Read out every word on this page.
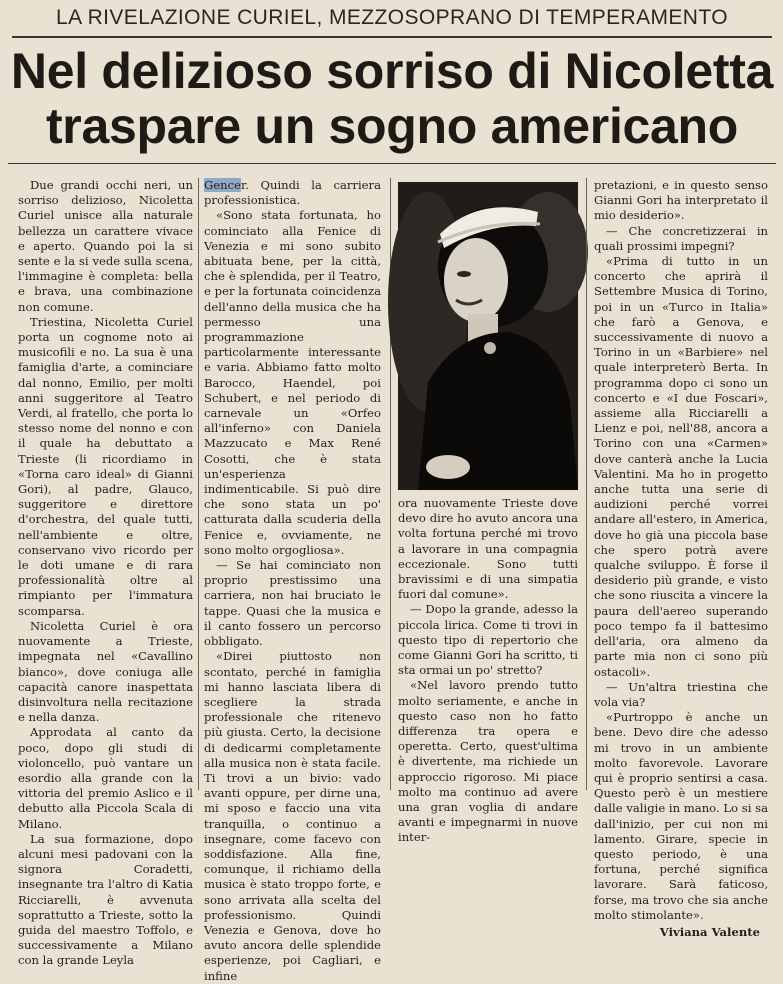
LA RIVELAZIONE CURIEL, MEZZOSOPRANO DI TEMPERAMENTO
Nel delizioso sorriso di Nicoletta
traspare un sogno americano

Due grandi occhi neri, un sorriso delizioso, Nicoletta Curiel unisce alla naturale bellezza un carattere vivace e aperto. Quando poi la si sente e la si vede sulla scena, l'immagine è completa: bella e brava, una combinazione non comune.

Triestina, Nicoletta Curiel porta un cognome noto ai musicofili e no. La sua è una famiglia d'arte, a cominciare dal nonno, Emilio, per molti anni suggeritore al Teatro Verdi, al fratello, che porta lo stesso nome del nonno e con il quale ha debuttato a Trieste (li ricordiamo in «Torna caro ideal» di Gianni Gori), al padre, Glauco, suggeritore e direttore d'orchestra, del quale tutti, nell'ambiente e oltre, conservano vivo ricordo per le doti umane e di rara professionalità oltre al rimpianto per l'immatura scomparsa.

Nicoletta Curiel è ora nuovamente a Trieste, impegnata nel «Cavallino bianco», dove coniuga alle capacità canore inaspettata disinvoltura nella recitazione e nella danza.

Approdata al canto da poco, dopo gli studi di violoncello, può vantare un esordio alla grande con la vittoria del premio Aslico e il debutto alla Piccola Scala di Milano.

La sua formazione, dopo alcuni mesi padovani con la signora Coradetti, insegnante tra l'altro di Katia Ricciarelli, è avvenuta soprattutto a Trieste, sotto la guida del maestro Toffolo, e successivamente a Milano con la grande Leyla

Gencer. Quindi la carriera professionistica.

«Sono stata fortunata, ho cominciato alla Fenice di Venezia e mi sono subito abituata bene, per la città, che è splendida, per il Teatro, e per la fortunata coincidenza dell'anno della musica che ha permesso una programmazione particolarmente interessante e varia. Abbiamo fatto molto Barocco, Haendel, poi Schubert, e nel periodo di carnevale un «Orfeo all'inferno» con Daniela Mazzucato e Max René Cosotti, che è stata un'esperienza indimenticabile. Si può dire che sono stata un po' catturata dalla scuderia della Fenice e, ovviamente, ne sono molto orgogliosa».

— Se hai cominciato non proprio prestissimo una carriera, non hai bruciato le tappe. Quasi che la musica e il canto fossero un percorso obbligato.

«Direi piuttosto non scontato, perché in famiglia mi hanno lasciata libera di scegliere la strada professionale che ritenevo più giusta. Certo, la decisione di dedicarmi completamente alla musica non è stata facile. Ti trovi a un bivio: vado avanti oppure, per dirne una, mi sposo e faccio una vita tranquilla, o continuo a insegnare, come facevo con soddisfazione. Alla fine, comunque, il richiamo della musica è stato troppo forte, e sono arrivata alla scelta del professionismo. Quindi Venezia e Genova, dove ho avuto ancora delle splendide esperienze, poi Cagliari, e infine

ora nuovamente Trieste dove devo dire ho avuto ancora una volta fortuna perché mi trovo a lavorare in una compagnia eccezionale. Sono tutti bravissimi e di una simpatia fuori dal comune».

— Dopo la grande, adesso la piccola lirica. Come ti trovi in questo tipo di repertorio che come Gianni Gori ha scritto, ti sta ormai un po' stretto?

«Nel lavoro prendo tutto molto seriamente, e anche in questo caso non ho fatto differenza tra opera e operetta. Certo, quest'ultima è divertente, ma richiede un approccio rigoroso. Mi piace molto ma continuo ad avere una gran voglia di andare avanti e impegnarmi in nuove inter-

pretazioni, e in questo senso Gianni Gori ha interpretato il mio desiderio».

— Che concretizzerai in quali prossimi impegni?

«Prima di tutto in un concerto che aprirà il Settembre Musica di Torino, poi in un «Turco in Italia» che farò a Genova, e successivamente di nuovo a Torino in un «Barbiere» nel quale interpreterò Berta. In programma dopo ci sono un concerto e «I due Foscari», assieme alla Ricciarelli a Lienz e poi, nell'88, ancora a Torino con una «Carmen» dove canterà anche la Lucia Valentini. Ma ho in progetto anche tutta una serie di audizioni perché vorrei andare all'estero, in America, dove ho già una piccola base che spero potrà avere qualche sviluppo. È forse il desiderio più grande, e visto che sono riuscita a vincere la paura dell'aereo superando poco tempo fa il battesimo dell'aria, ora almeno da parte mia non ci sono più ostacoli».

— Un'altra triestina che vola via?

«Purtroppo è anche un bene. Devo dire che adesso mi trovo in un ambiente molto favorevole. Lavorare qui è proprio sentirsi a casa. Questo però è un mestiere dalle valigie in mano. Lo si sa dall'inizio, per cui non mi lamento. Girare, specie in questo periodo, è una fortuna, perché significa lavorare. Sarà faticoso, forse, ma trovo che sia anche molto stimolante».

Viviana Valente
